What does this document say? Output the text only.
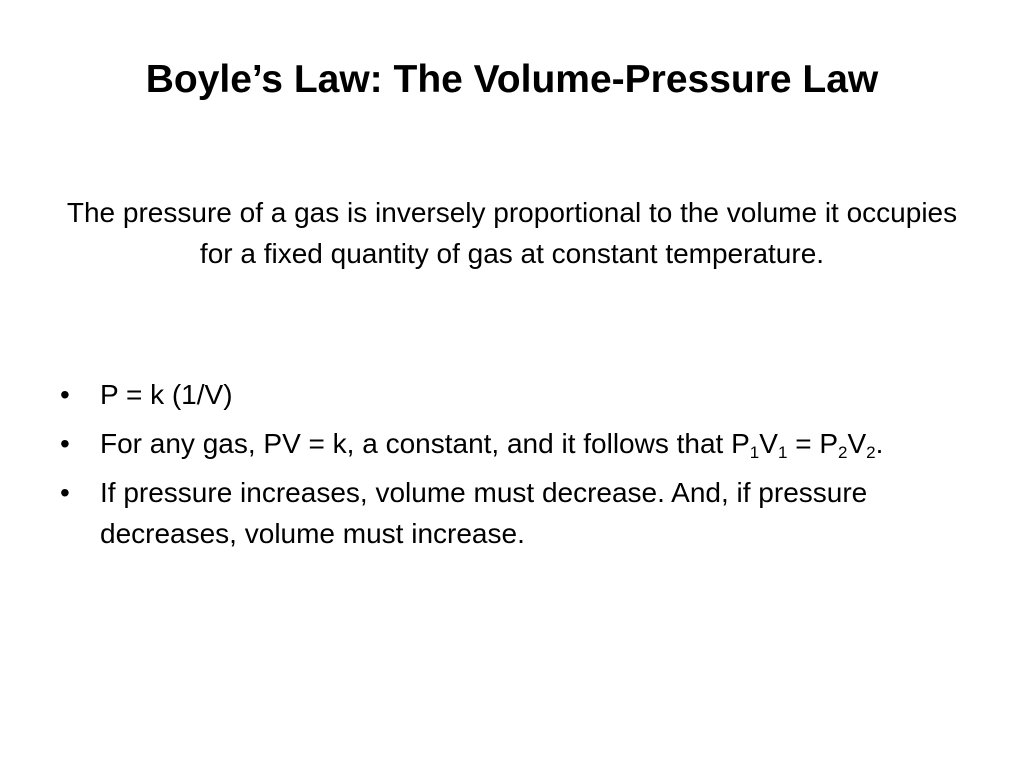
Boyle’s Law: The Volume-Pressure Law

The pressure of a gas is inversely proportional to the volume it occupies for a fixed quantity of gas at constant temperature.

•	P = k (1/V)
•	For any gas, PV = k, a constant, and it follows that $P_1V_1 = P_2V_2$.
•	If pressure increases, volume must decrease. And, if pressure decreases, volume must increase.
